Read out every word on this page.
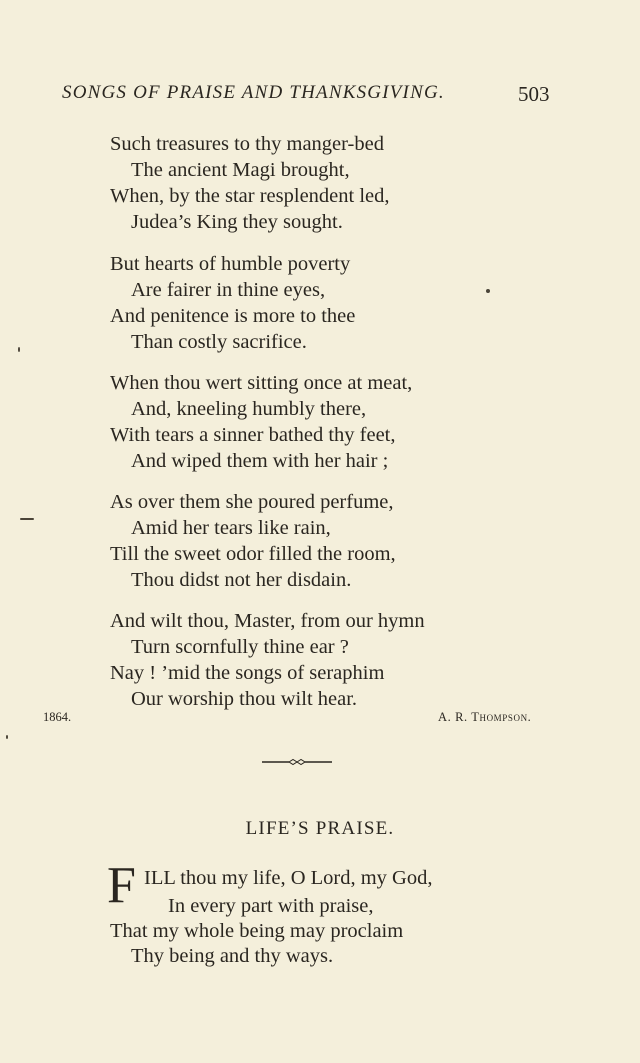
SONGS OF PRAISE AND THANKSGIVING.	503
Such treasures to thy manger-bed
The ancient Magi brought,
When, by the star resplendent led,
Judea’s King they sought.
But hearts of humble poverty
Are fairer in thine eyes,
And penitence is more to thee
Than costly sacrifice.
When thou wert sitting once at meat,
And, kneeling humbly there,
With tears a sinner bathed thy feet,
And wiped them with her hair ;
As over them she poured perfume,
Amid her tears like rain,
Till the sweet odor filled the room,
Thou didst not her disdain.
And wilt thou, Master, from our hymn
Turn scornfully thine ear ?
Nay ! ’mid the songs of seraphim
Our worship thou wilt hear.
1864.	A. R. Thompson.
LIFE’S PRAISE.
F ILL thou my life, O Lord, my God,
In every part with praise,
That my whole being may proclaim
Thy being and thy ways.
